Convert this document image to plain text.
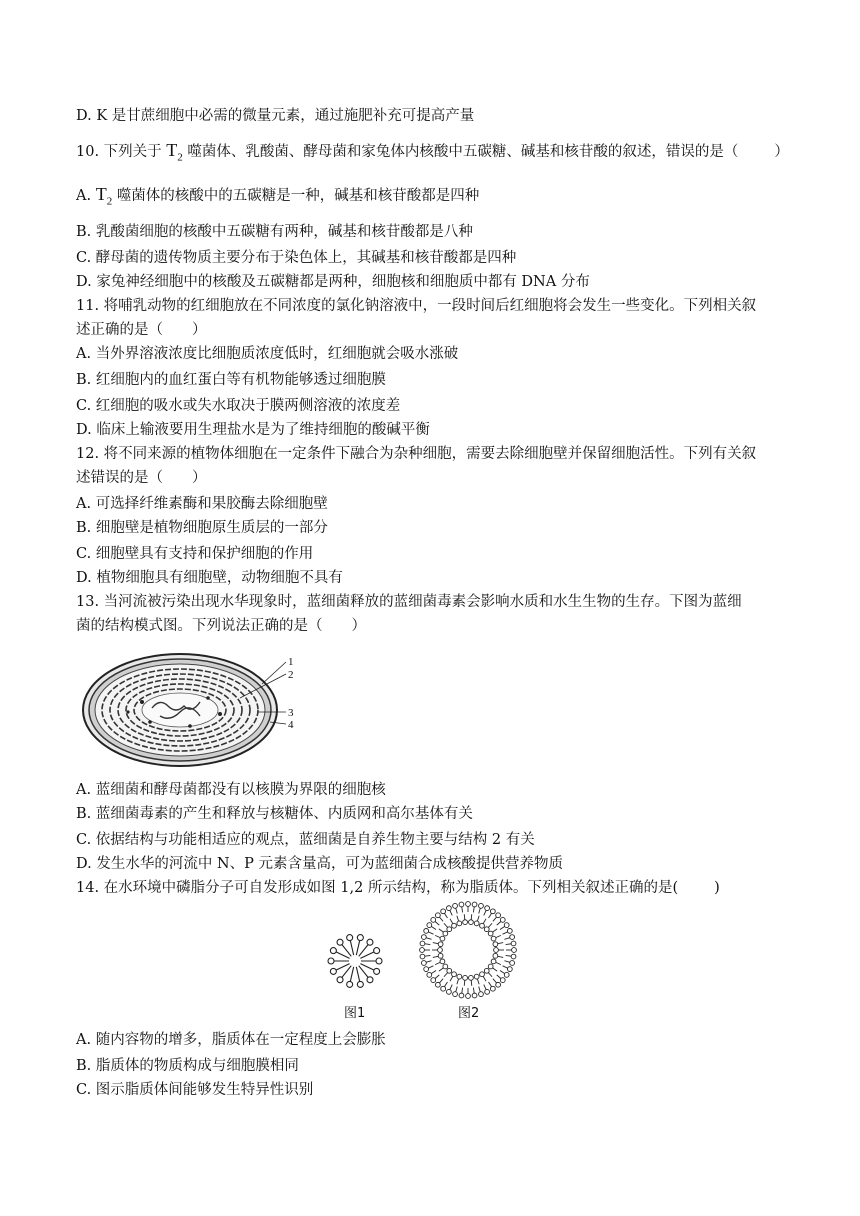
D. K 是甘蔗细胞中必需的微量元素，通过施肥补充可提高产量
10. 下列关于 $T_2$ 噬菌体、乳酸菌、酵母菌和家兔体内核酸中五碳糖、碱基和核苷酸的叙述，错误的是（ ）
A. $T_2$ 噬菌体的核酸中的五碳糖是一种，碱基和核苷酸都是四种
B. 乳酸菌细胞的核酸中五碳糖有两种，碱基和核苷酸都是八种
C. 酵母菌的遗传物质主要分布于染色体上，其碱基和核苷酸都是四种
D. 家兔神经细胞中的核酸及五碳糖都是两种，细胞核和细胞质中都有 DNA 分布
11. 将哺乳动物的红细胞放在不同浓度的氯化钠溶液中，一段时间后红细胞将会发生一些变化。下列相关叙
述正确的是（　　）
A. 当外界溶液浓度比细胞质浓度低时，红细胞就会吸水涨破
B. 红细胞内的血红蛋白等有机物能够透过细胞膜
C. 红细胞的吸水或失水取决于膜两侧溶液的浓度差
D. 临床上输液要用生理盐水是为了维持细胞的酸碱平衡
12. 将不同来源的植物体细胞在一定条件下融合为杂种细胞，需要去除细胞壁并保留细胞活性。下列有关叙
述错误的是（　　）
A. 可选择纤维素酶和果胶酶去除细胞壁
B. 细胞壁是植物细胞原生质层的一部分
C. 细胞壁具有支持和保护细胞的作用
D. 植物细胞具有细胞壁，动物细胞不具有
13. 当河流被污染出现水华现象时，蓝细菌释放的蓝细菌毒素会影响水质和水生生物的生存。下图为蓝细
菌的结构模式图。下列说法正确的是（　　）
1
2
3
4
A. 蓝细菌和酵母菌都没有以核膜为界限的细胞核
B. 蓝细菌毒素的产生和释放与核糖体、内质网和高尔基体有关
C. 依据结构与功能相适应的观点，蓝细菌是自养生物主要与结构 2 有关
D. 发生水华的河流中 N、P 元素含量高，可为蓝细菌合成核酸提供营养物质
14. 在水环境中磷脂分子可自发形成如图 1,2 所示结构，称为脂质体。下列相关叙述正确的是( )
图1	图2
A. 随内容物的增多，脂质体在一定程度上会膨胀
B. 脂质体的物质构成与细胞膜相同
C. 图示脂质体间能够发生特异性识别
